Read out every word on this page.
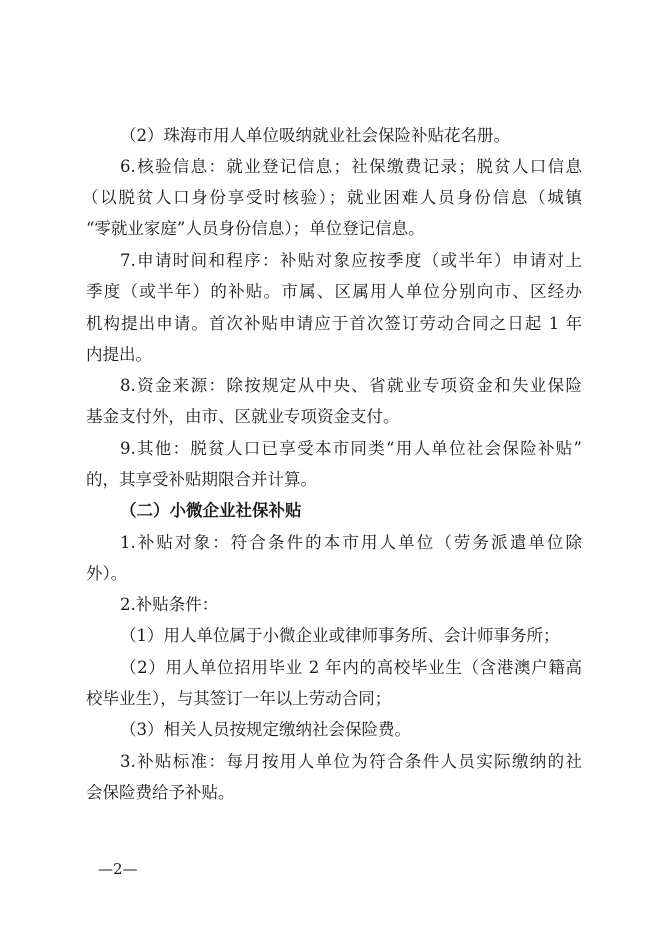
（2）珠海市用人单位吸纳就业社会保险补贴花名册。
6.核验信息：就业登记信息；社保缴费记录；脱贫人口信息
（以脱贫人口身份享受时核验）；就业困难人员身份信息（城镇
“零就业家庭”人员身份信息）；单位登记信息。
7.申请时间和程序：补贴对象应按季度（或半年）申请对上
季度（或半年）的补贴。市属、区属用人单位分别向市、区经办
机构提出申请。首次补贴申请应于首次签订劳动合同之日起 1 年
内提出。
8.资金来源：除按规定从中央、省就业专项资金和失业保险
基金支付外，由市、区就业专项资金支付。
9.其他：脱贫人口已享受本市同类“用人单位社会保险补贴”
的，其享受补贴期限合并计算。
（二）小微企业社保补贴
1.补贴对象：符合条件的本市用人单位（劳务派遣单位除
外）。
2.补贴条件：
（1）用人单位属于小微企业或律师事务所、会计师事务所；
（2）用人单位招用毕业 2 年内的高校毕业生（含港澳户籍高
校毕业生），与其签订一年以上劳动合同；
（3）相关人员按规定缴纳社会保险费。
3.补贴标准：每月按用人单位为符合条件人员实际缴纳的社
会保险费给予补贴。
—2—
